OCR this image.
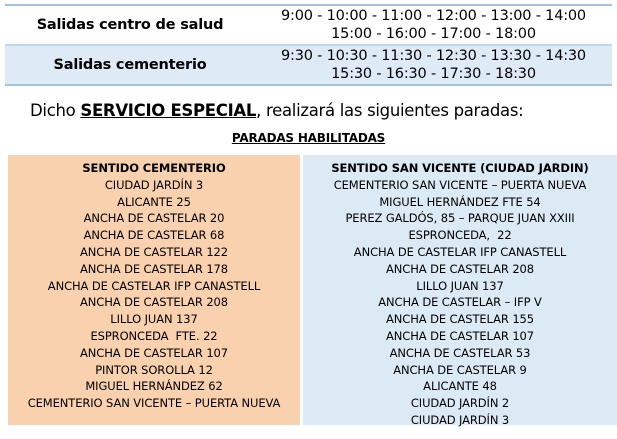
Salidas centro de salud
9:00 - 10:00 - 11:00 - 12:00 - 13:00 - 14:00
15:00 - 16:00 - 17:00 - 18:00
Salidas cementerio
9:30 - 10:30 - 11:30 - 12:30 - 13:30 - 14:30
15:30 - 16:30 - 17:30 - 18:30
Dicho SERVICIO ESPECIAL, realizará las siguientes paradas:
PARADAS HABILITADAS
SENTIDO CEMENTERIO
CIUDAD JARDÍN 3
ALICANTE 25
ANCHA DE CASTELAR 20
ANCHA DE CASTELAR 68
ANCHA DE CASTELAR 122
ANCHA DE CASTELAR 178
ANCHA DE CASTELAR IFP CANASTELL
ANCHA DE CASTELAR 208
LILLO JUAN 137
ESPRONCEDA  FTE. 22
ANCHA DE CASTELAR 107
PINTOR SOROLLA 12
MIGUEL HERNÁNDEZ 62
CEMENTERIO SAN VICENTE – PUERTA NUEVA
SENTIDO SAN VICENTE (CIUDAD JARDIN)
CEMENTERIO SAN VICENTE – PUERTA NUEVA
MIGUEL HERNÁNDEZ FTE 54
PEREZ GALDÓS, 85 – PARQUE JUAN XXIII
ESPRONCEDA,  22
ANCHA DE CASTELAR IFP CANASTELL
ANCHA DE CASTELAR 208
LILLO JUAN 137
ANCHA DE CASTELAR – IFP V
ANCHA DE CASTELAR 155
ANCHA DE CASTELAR 107
ANCHA DE CASTELAR 53
ANCHA DE CASTELAR 9
ALICANTE 48
CIUDAD JARDÍN 2
CIUDAD JARDÍN 3
